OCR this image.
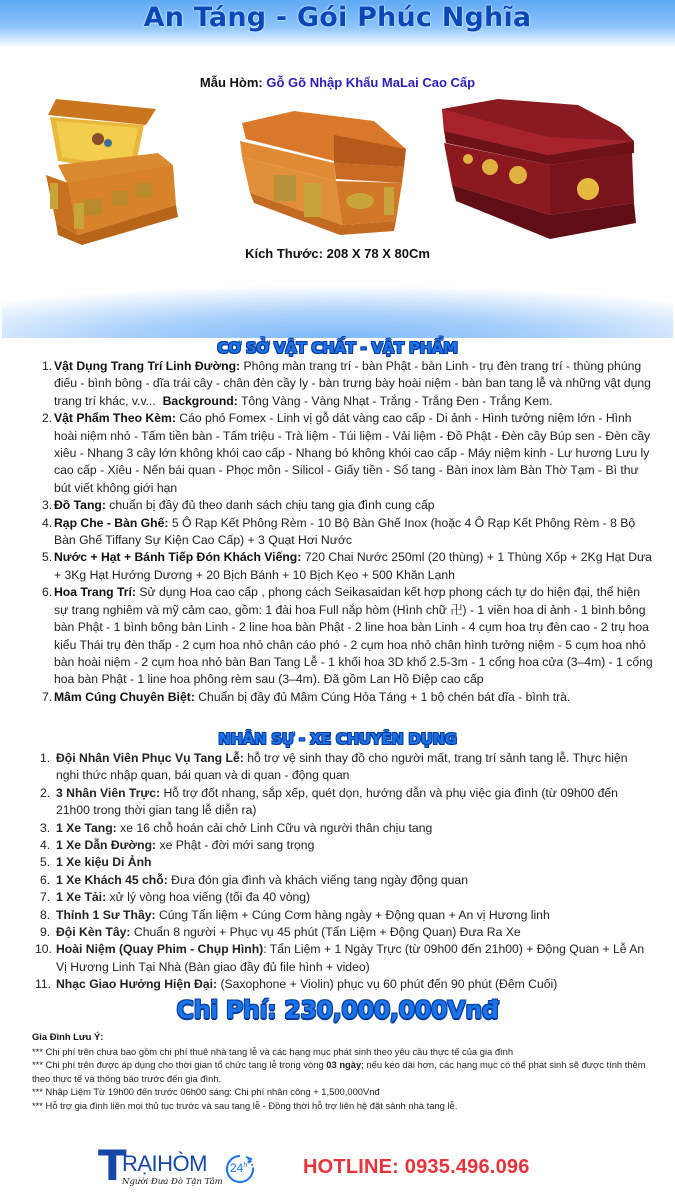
An Táng - Gói Phúc Nghĩa
Mẫu Hòm: Gỗ Gõ Nhập Khẩu MaLai Cao Cấp
Kích Thước: 208 X 78 X 80Cm
CƠ SỞ VẬT CHẤT - VẬT PHẨM
1. Vật Dụng Trang Trí Linh Đường: Phông màn trang trí - bàn Phật - bàn Linh - trụ đèn trang trí - thùng phúng điếu - bình bông - dĩa trái cây - chân đèn cầy ly - bàn trưng bày hoài niệm - bàn ban tang lễ và những vật dụng trang trí khác, v.v... Background: Tông Vàng - Vàng Nhạt - Trắng - Trắng Đen - Trắng Kem.
2. Vật Phẩm Theo Kèm: Cáo phó Fomex - Linh vị gỗ dát vàng cao cấp - Di ảnh - Hình tưởng niệm lớn - Hình hoài niệm nhỏ - Tấm tiền bàn - Tấm triệu - Trà liệm - Túi liệm - Vải liệm - Đồ Phật - Đèn cầy Búp sen - Đèn cầy xiêu - Nhang 3 cây lớn không khói cao cấp - Nhang bó không khói cao cấp - Máy niệm kinh - Lư hương Lưu ly cao cấp - Xiêu - Nến bái quan - Phọc môn - Silicol - Giấy tiền - Sổ tang - Bàn inox làm Bàn Thờ Tạm - Bì thư bút viết không giới hạn
3. Đồ Tang: chuẩn bị đầy đủ theo danh sách chịu tang gia đình cung cấp
4. Rạp Che - Bàn Ghế: 5 Ô Rạp Kết Phông Rèm - 10 Bộ Bàn Ghế Inox (hoặc 4 Ô Rạp Kết Phông Rèm - 8 Bộ Bàn Ghế Tiffany Sự Kiện Cao Cấp) + 3 Quạt Hơi Nước
5. Nước + Hạt + Bánh Tiếp Đón Khách Viếng: 720 Chai Nước 250ml (20 thùng) + 1 Thùng Xốp + 2Kg Hạt Dưa + 3Kg Hạt Hướng Dương + 20 Bịch Bánh + 10 Bịch Kẹo + 500 Khăn Lạnh
6. Hoa Trang Trí: Sử dụng Hoa cao cấp , phong cách Seikasaidan kết hợp phong cách tự do hiện đại, thể hiện sự trang nghiêm và mỹ cảm cao, gồm: 1 đài hoa Full nắp hòm (Hình chữ 卍) - 1 viền hoa di ảnh - 1 bình bông bàn Phật - 1 bình bông bàn Linh - 2 line hoa bàn Phật - 2 line hoa bàn Linh - 4 cụm hoa trụ đèn cao - 2 trụ hoa kiểu Thái trụ đèn thấp - 2 cụm hoa nhỏ chân cáo phó - 2 cụm hoa nhỏ chân hình tưởng niệm - 5 cụm hoa nhỏ bàn hoài niệm - 2 cụm hoa nhỏ bàn Ban Tang Lễ - 1 khối hoa 3D khổ 2.5-3m - 1 cổng hoa cửa (3–4m) - 1 cổng hoa bàn Phật - 1 line hoa phông rèm sau (3–4m). Đã gồm Lan Hồ Điệp cao cấp
7. Mâm Cúng Chuyên Biệt: Chuẩn bị đầy đủ Mâm Cúng Hỏa Táng + 1 bộ chén bát dĩa - bình trà.
NHÂN SỰ - XE CHUYÊN DỤNG
1. Đội Nhân Viên Phục Vụ Tang Lễ: hỗ trợ vệ sinh thay đồ cho người mất, trang trí sảnh tang lễ. Thực hiện nghi thức nhập quan, bái quan và di quan - động quan
2. 3 Nhân Viên Trực: Hỗ trợ đốt nhang, sắp xếp, quét dọn, hướng dẫn và phụ việc gia đình (từ 09h00 đến 21h00 trong thời gian tang lễ diễn ra)
3. 1 Xe Tang: xe 16 chỗ hoán cải chở Linh Cữu và người thân chịu tang
4. 1 Xe Dẫn Đường: xe Phật - đời mới sang trọng
5. 1 Xe kiệu Di Ảnh
6. 1 Xe Khách 45 chỗ: Đưa đón gia đình và khách viếng tang ngày động quan
7. 1 Xe Tải: xử lý vòng hoa viếng (tối đa 40 vòng)
8. Thỉnh 1 Sư Thầy: Cúng Tẩn liệm + Cúng Cơm hàng ngày + Động quan + An vị Hương linh
9. Đội Kèn Tây: Chuẩn 8 người + Phục vụ 45 phút (Tẩn Liệm + Động Quan) Đưa Ra Xe
10. Hoài Niệm (Quay Phim - Chụp Hình): Tẩn Liệm + 1 Ngày Trực (từ 09h00 đến 21h00) + Động Quan + Lễ An Vị Hương Linh Tại Nhà (Bàn giao đầy đủ file hình + video)
11. Nhạc Giao Hưởng Hiện Đại: (Saxophone + Violin) phục vụ 60 phút đến 90 phút (Đêm Cuối)
Chi Phí: 230,000,000Vnđ
Gia Đình Lưu Ý:
*** Chi phí trên chưa bao gồm chi phí thuê nhà tang lễ và các hạng mục phát sinh theo yêu cầu thực tế của gia đình
*** Chi phí trên được áp dụng cho thời gian tổ chức tang lễ trong vòng 03 ngày; nếu kéo dài hơn, các hạng mục có thể phát sinh sẽ được tính thêm theo thực tế và thông báo trước đến gia đình.
*** Nhập Liệm Từ 19h00 đến trước 06h00 sáng: Chi phí nhân công + 1,500,000Vnđ
*** Hỗ trợ gia đình liên mọi thủ tục trước và sau tang lễ - Đồng thời hỗ trợ liên hệ đặt sảnh nhà tang lễ.
T
RẠIHÒM
Người Đưa Đò Tận Tâm
24$^h$	HOTLINE: 0935.496.096
